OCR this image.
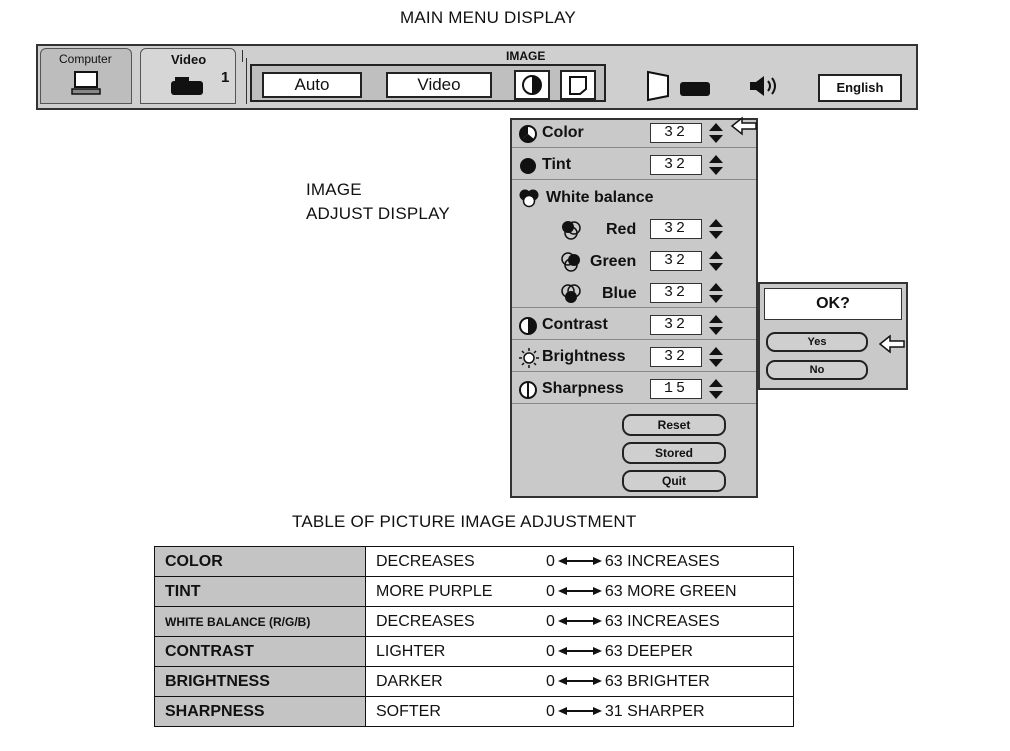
MAIN MENU DISPLAY
IMAGE
ADJUST DISPLAY
TABLE OF PICTURE IMAGE ADJUSTMENT
Computer	Video
1
IMAGE
Auto	Video	English
Color	32
Tint	32
White balance
Red	32
Green	32
Blue	32
Contrast	32
Brightness	32
Sharpness	15
Reset
Stored
Quit
OK?
Yes
No
COLOR	DECREASES	0 63 INCREASES
TINT	MORE PURPLE	0 63 MORE GREEN
WHITE BALANCE (R/G/B)	DECREASES	0 63 INCREASES
CONTRAST	LIGHTER	0 63 DEEPER
BRIGHTNESS	DARKER	0 63 BRIGHTER
SHARPNESS	SOFTER	0 31 SHARPER
